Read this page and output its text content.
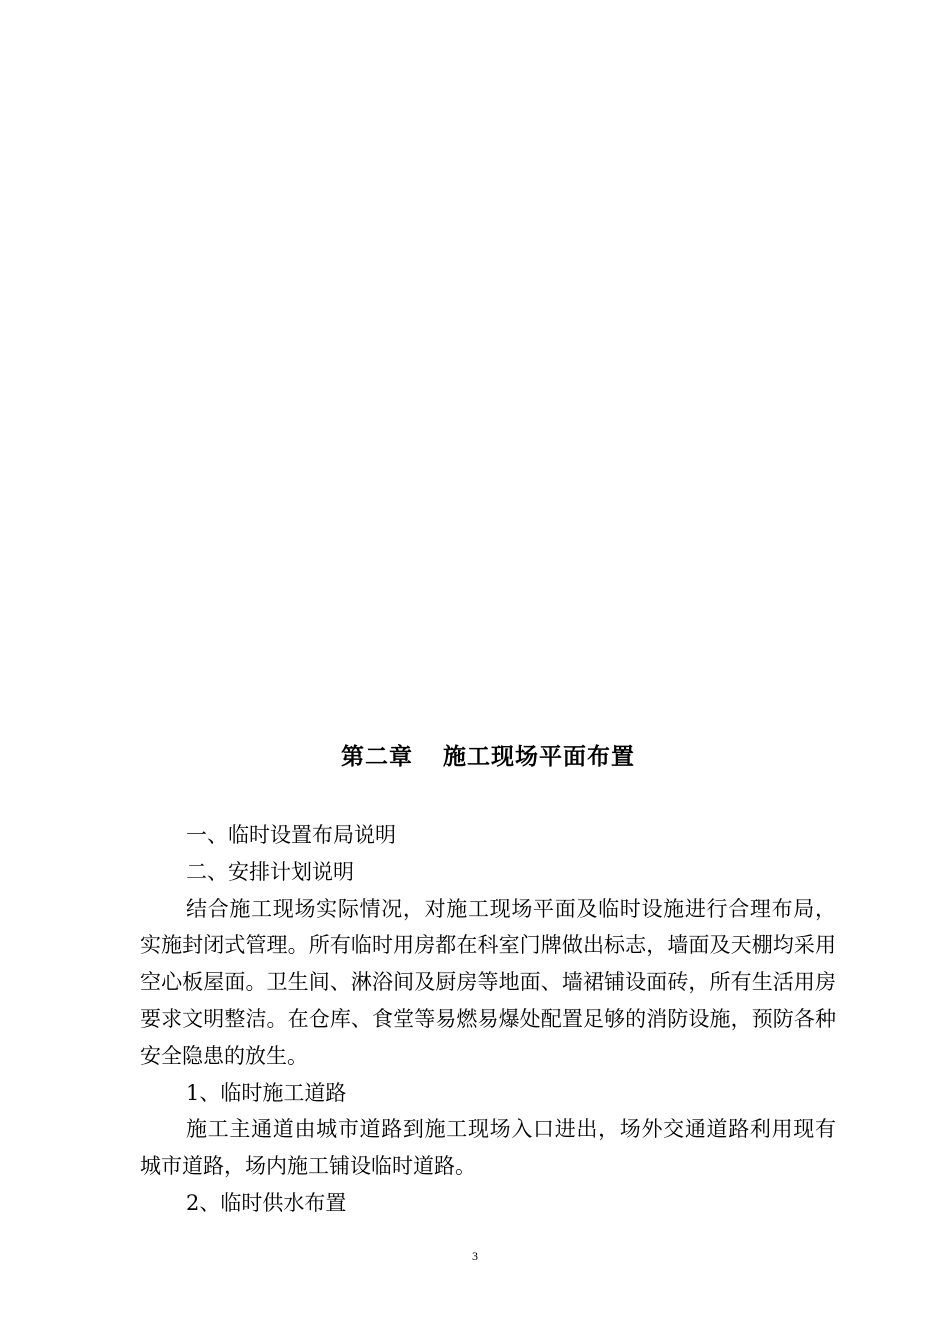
第二章 施工现场平面布置

一、临时设置布局说明

二、安排计划说明

结合施工现场实际情况，对施工现场平面及临时设施进行合理布局，实施封闭式管理。所有临时用房都在科室门牌做出标志，墙面及天棚均采用空心板屋面。卫生间、淋浴间及厨房等地面、墙裙铺设面砖，所有生活用房要求文明整洁。在仓库、食堂等易燃易爆处配置足够的消防设施，预防各种安全隐患的放生。

1、临时施工道路

施工主通道由城市道路到施工现场入口进出，场外交通道路利用现有城市道路，场内施工铺设临时道路。

2、临时供水布置

3
